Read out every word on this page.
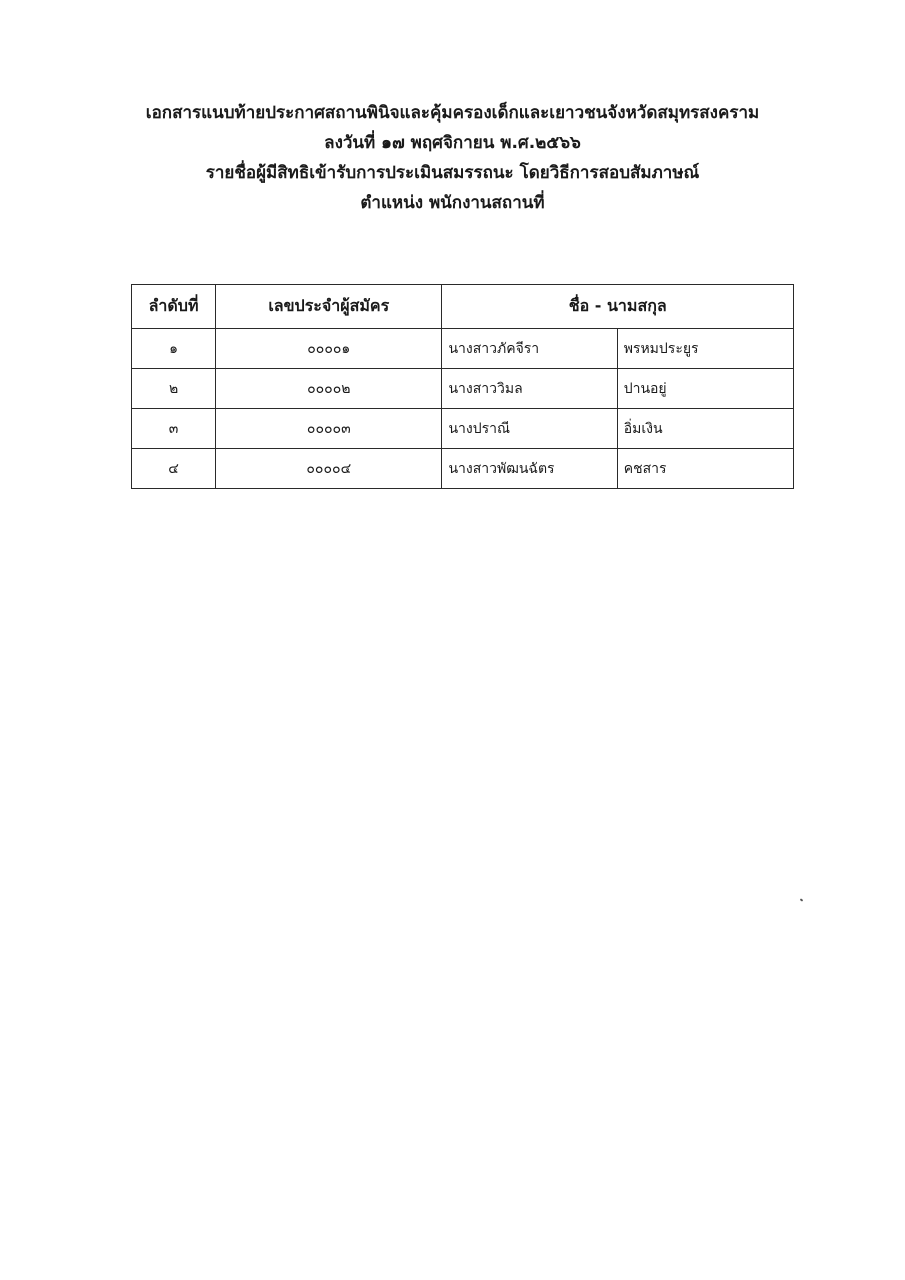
เอกสารแนบท้ายประกาศสถานพินิจและคุ้มครองเด็กและเยาวชนจังหวัดสมุทรสงคราม
ลงวันที่ ๑๗ พฤศจิกายน พ.ศ.๒๕๖๖
รายชื่อผู้มีสิทธิเข้ารับการประเมินสมรรถนะ โดยวิธีการสอบสัมภาษณ์
ตำแหน่ง พนักงานสถานที่
ลำดับที่	เลขประจำผู้สมัคร	ชื่อ - นามสกุล	
๑	๐๐๐๐๑	นางสาวภัคจีรา	พรหมประยูร
๒	๐๐๐๐๒	นางสาววิมล	ปานอยู่
๓	๐๐๐๐๓	นางปราณี	อิ่มเงิน
๔	๐๐๐๐๔	นางสาวพัฒนฉัตร	คชสาร
